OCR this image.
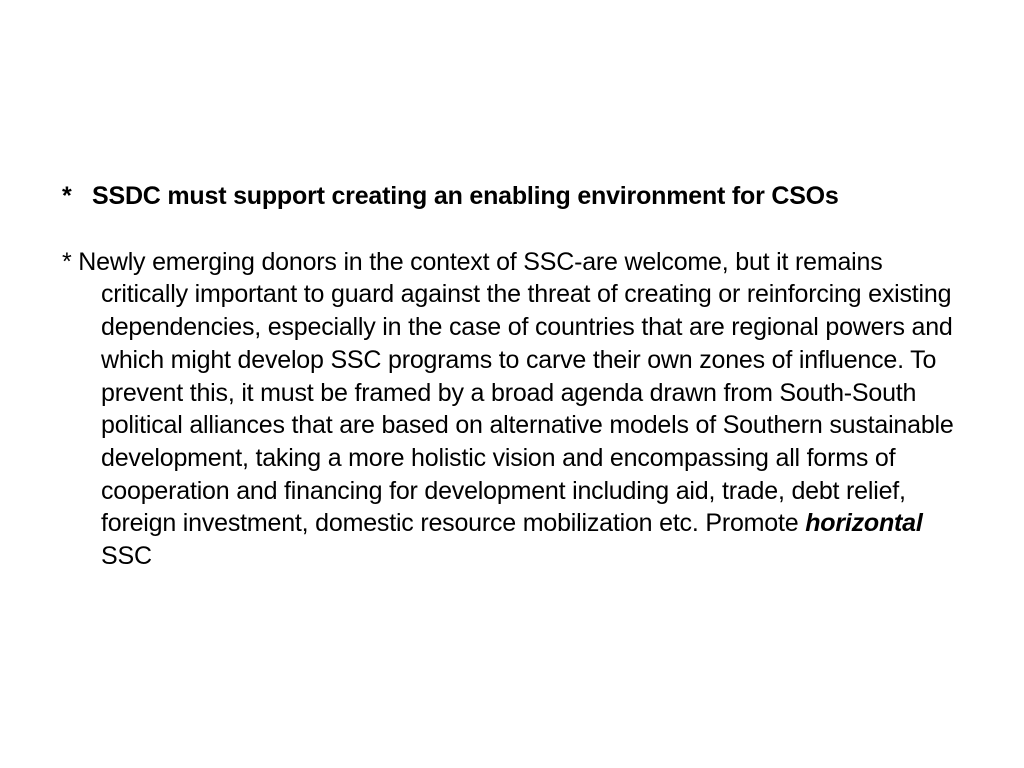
* SSDC must support creating an enabling environment for CSOs

* Newly emerging donors in the context of SSC-are welcome, but it remains critically important to guard against the threat of creating or reinforcing existing dependencies, especially in the case of countries that are regional powers and which might develop SSC programs to carve their own zones of influence. To prevent this, it must be framed by a broad agenda drawn from South-South political alliances that are based on alternative models of Southern sustainable development, taking a more holistic vision and encompassing all forms of cooperation and financing for development including aid, trade, debt relief, foreign investment, domestic resource mobilization etc. Promote horizontal SSC
